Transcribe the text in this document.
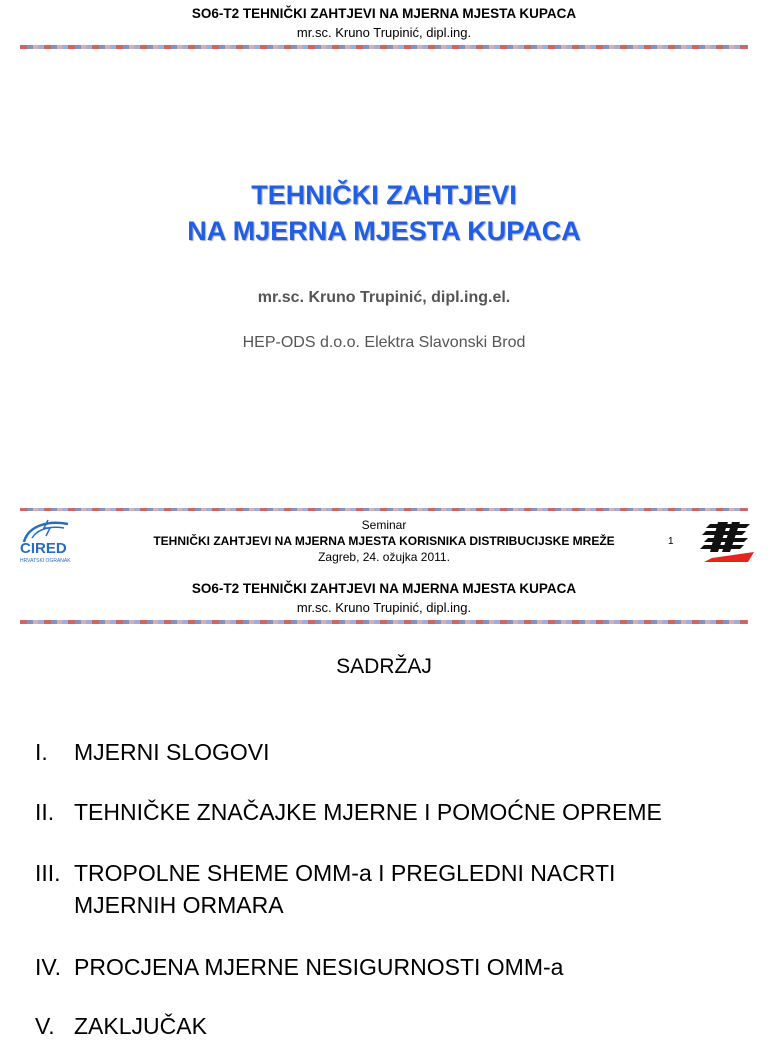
SO6-T2 TEHNIČKI ZAHTJEVI NA MJERNA MJESTA KUPACA
mr.sc. Kruno Trupinić, dipl.ing.
TEHNIČKI ZAHTJEVI
NA MJERNA MJESTA KUPACA
mr.sc. Kruno Trupinić, dipl.ing.el.
HEP-ODS d.o.o. Elektra Slavonski Brod
CIRED
HRVATSKI OGRANAK
Seminar
TEHNIČKI ZAHTJEVI NA MJERNA MJESTA KORISNIKA DISTRIBUCIJSKE MREŽE
Zagreb, 24. ožujka 2011.
1
SO6-T2 TEHNIČKI ZAHTJEVI NA MJERNA MJESTA KUPACA
mr.sc. Kruno Trupinić, dipl.ing.
SADRŽAJ
I. MJERNI SLOGOVI
II. TEHNIČKE ZNAČAJKE MJERNE I POMOĆNE OPREME
III. TROPOLNE SHEME OMM-a I PREGLEDNI NACRTI MJERNIH ORMARA
IV. PROCJENA MJERNE NESIGURNOSTI OMM-a
V. ZAKLJUČAK
